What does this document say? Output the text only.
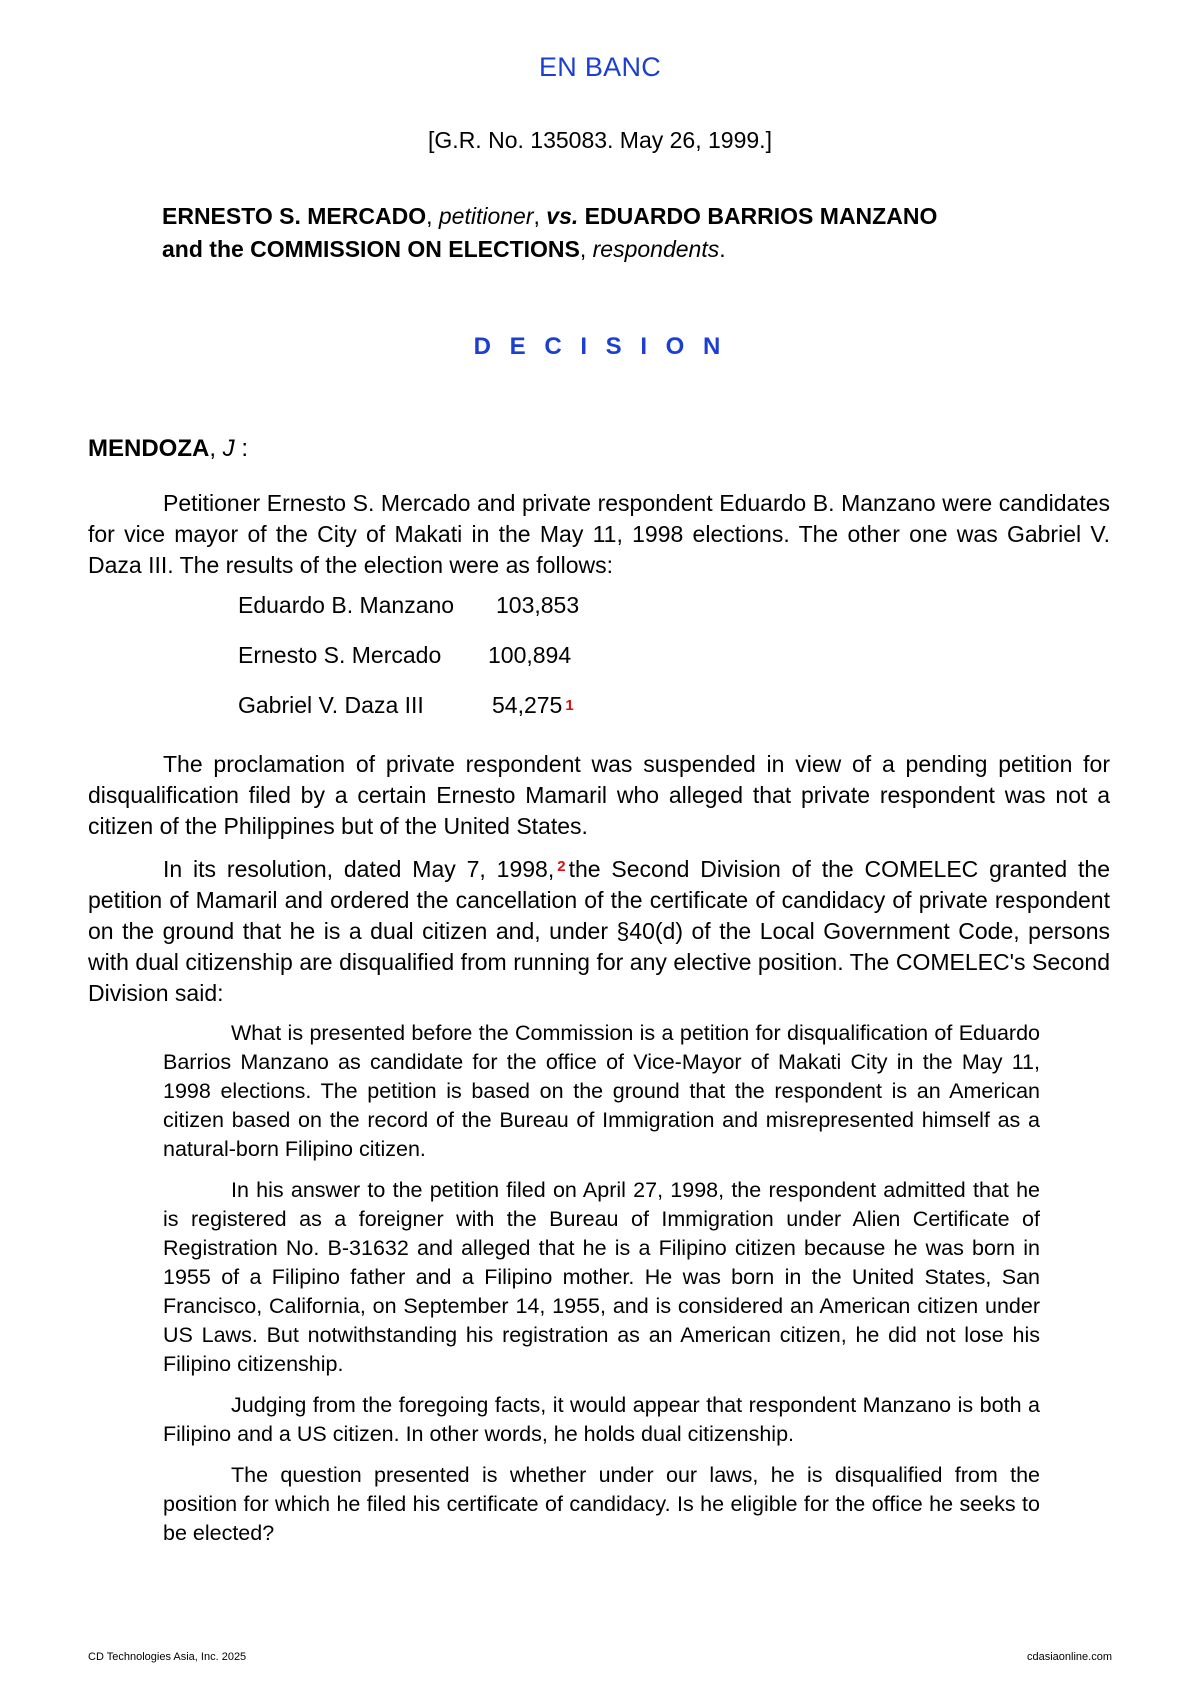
EN BANC
[G.R. No. 135083. May 26, 1999.]
ERNESTO S. MERCADO, petitioner, vs. EDUARDO BARRIOS MANZANO
and the COMMISSION ON ELECTIONS, respondents.
D E C I S I O N
MENDOZA, J :

Petitioner Ernesto S. Mercado and private respondent Eduardo B. Manzano were candidates for vice mayor of the City of Makati in the May 11, 1998 elections. The other one was Gabriel V. Daza III. The results of the election were as follows:

Eduardo B. Manzano	103,853
Ernesto S. Mercado	100,894
Gabriel V. Daza III	54,275 1

The proclamation of private respondent was suspended in view of a pending petition for disqualification filed by a certain Ernesto Mamaril who alleged that private respondent was not a citizen of the Philippines but of the United States.

In its resolution, dated May 7, 1998, $^2$ the Second Division of the COMELEC granted the petition of Mamaril and ordered the cancellation of the certificate of candidacy of private respondent on the ground that he is a dual citizen and, under §40(d) of the Local Government Code, persons with dual citizenship are disqualified from running for any elective position. The COMELEC's Second Division said:

What is presented before the Commission is a petition for disqualification of Eduardo Barrios Manzano as candidate for the office of Vice-Mayor of Makati City in the May 11, 1998 elections. The petition is based on the ground that the respondent is an American citizen based on the record of the Bureau of Immigration and misrepresented himself as a natural-born Filipino citizen.

In his answer to the petition filed on April 27, 1998, the respondent admitted that he is registered as a foreigner with the Bureau of Immigration under Alien Certificate of Registration No. B-31632 and alleged that he is a Filipino citizen because he was born in 1955 of a Filipino father and a Filipino mother. He was born in the United States, San Francisco, California, on September 14, 1955, and is considered an American citizen under US Laws. But notwithstanding his registration as an American citizen, he did not lose his Filipino citizenship.

Judging from the foregoing facts, it would appear that respondent Manzano is both a Filipino and a US citizen. In other words, he holds dual citizenship.

The question presented is whether under our laws, he is disqualified from the position for which he filed his certificate of candidacy. Is he eligible for the office he seeks to be elected?

CD Technologies Asia, Inc. 2025	cdasiaonline.com
